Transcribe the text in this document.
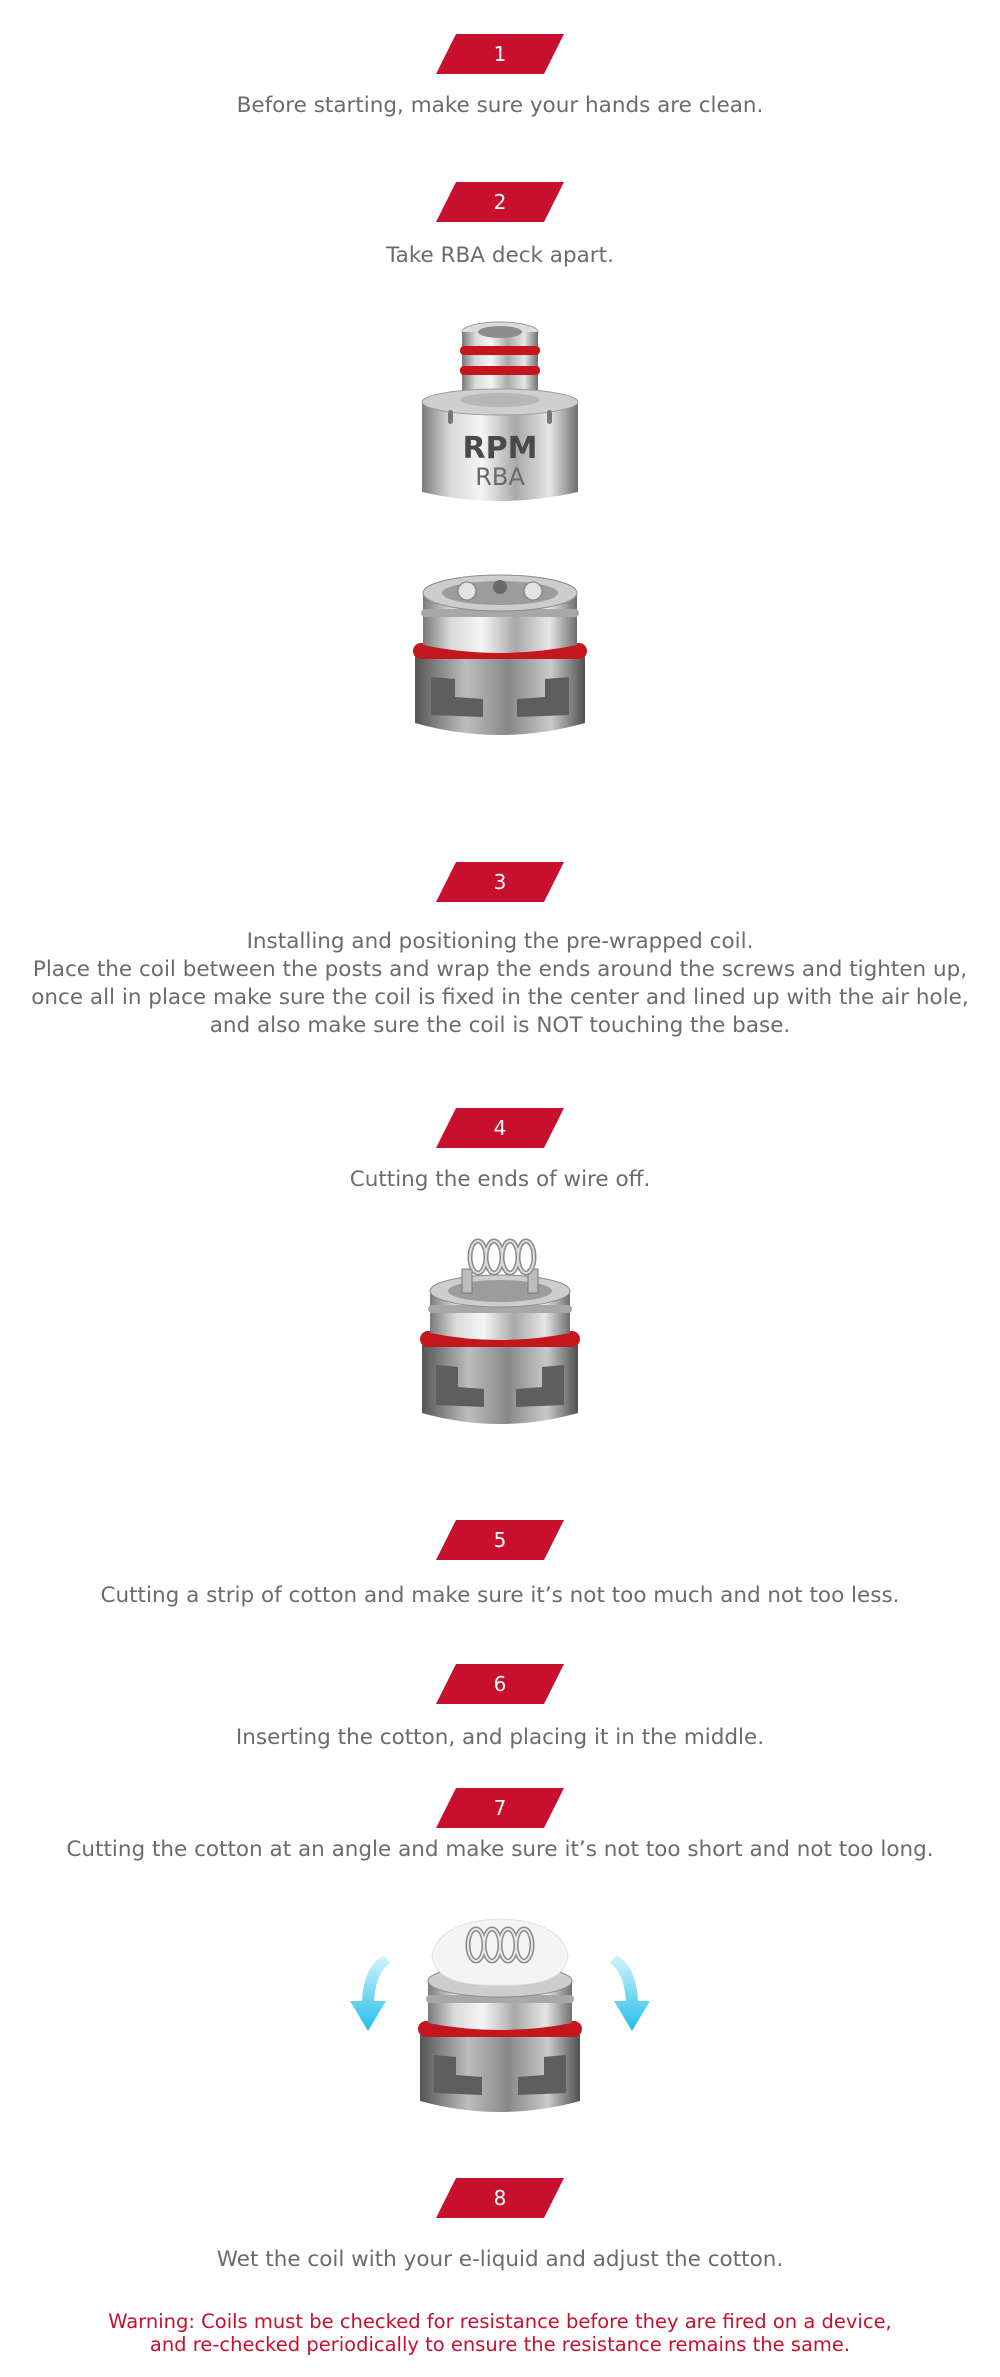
1
Before starting, make sure your hands are clean.
2
Take RBA deck apart.
RPM
RBA
3
Installing and positioning the pre-wrapped coil.
Place the coil between the posts and wrap the ends around the screws and tighten up,
once all in place make sure the coil is fixed in the center and lined up with the air hole,
and also make sure the coil is NOT touching the base.
4
Cutting the ends of wire off.
5
Cutting a strip of cotton and make sure it’s not too much and not too less.
6
Inserting the cotton, and placing it in the middle.
7
Cutting the cotton at an angle and make sure it’s not too short and not too long.
8
Wet the coil with your e-liquid and adjust the cotton.
Warning: Coils must be checked for resistance before they are fired on a device,
and re-checked periodically to ensure the resistance remains the same.
